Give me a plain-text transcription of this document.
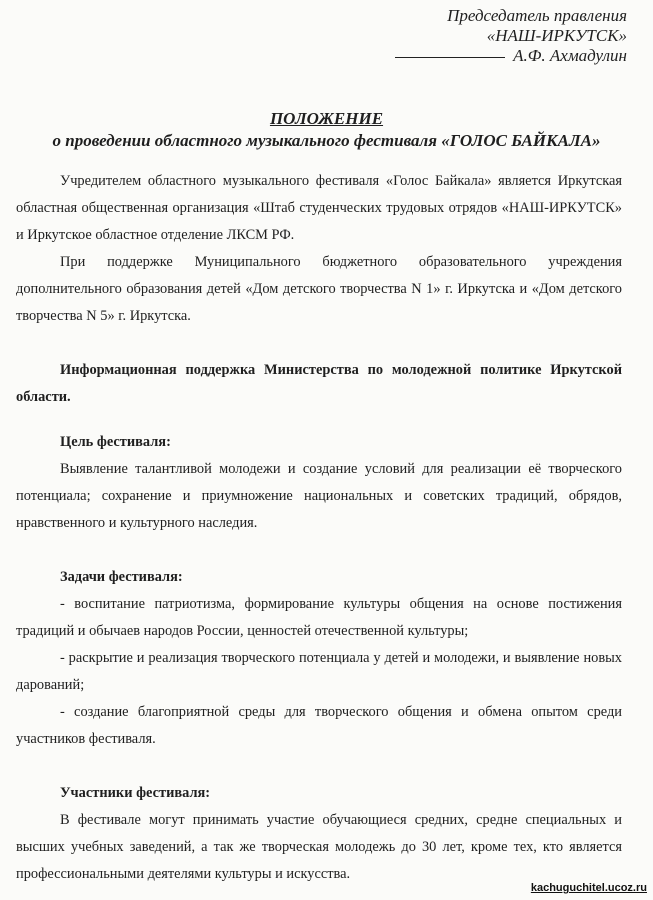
Председатель правления
«НАШ-ИРКУТСК»
А.Ф. Ахмадулин
ПОЛОЖЕНИЕ
о проведении областного музыкального фестиваля «ГОЛОС БАЙКАЛА»

Учредителем областного музыкального фестиваля «Голос Байкала» является Иркутская областная общественная организация «Штаб студенческих трудовых отрядов «НАШ-ИРКУТСК» и Иркутское областное отделение ЛКСМ РФ.

При поддержке Муниципального бюджетного образовательного учреждения дополнительного образования детей «Дом детского творчества N 1» г. Иркутска и «Дом детского творчества N 5» г. Иркутска.

Информационная поддержка Министерства по молодежной политике Иркутской области.

Цель фестиваля:

Выявление талантливой молодежи и создание условий для реализации её творческого потенциала; сохранение и приумножение национальных и советских традиций, обрядов, нравственного и культурного наследия.

Задачи фестиваля:

- воспитание патриотизма, формирование культуры общения на основе постижения традиций и обычаев народов России, ценностей отечественной культуры;

- раскрытие и реализация творческого потенциала у детей и молодежи, и выявление новых дарований;

- создание благоприятной среды для творческого общения и обмена опытом среди участников фестиваля.

Участники фестиваля:

В фестивале могут принимать участие обучающиеся средних, средне специальных и высших учебных заведений, а так же творческая молодежь до 30 лет, кроме тех, кто является профессиональными деятелями культуры и искусства.

kachuguchitel.ucoz.ru
